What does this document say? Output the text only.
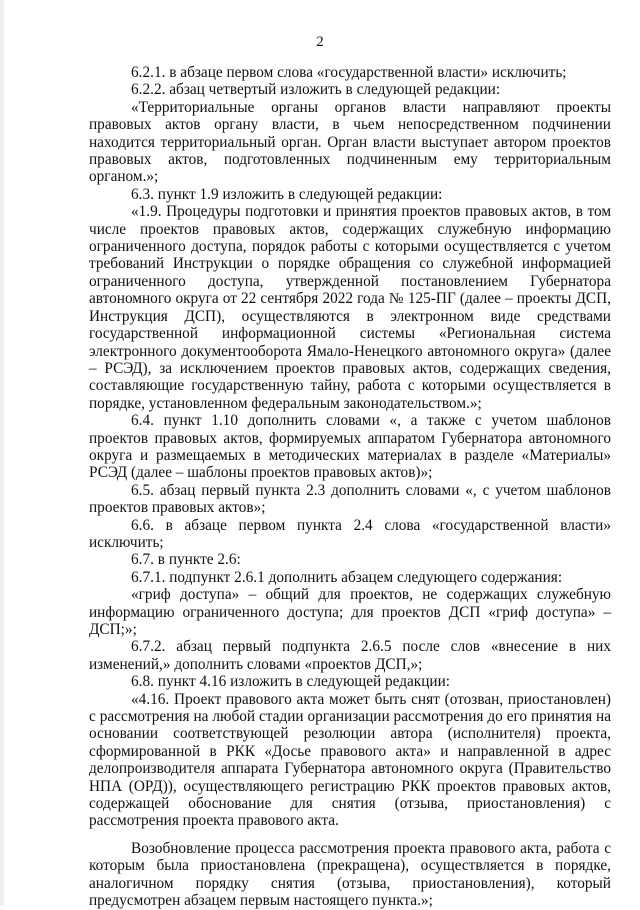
2

6.2.1. в абзаце первом слова «государственной власти» исключить;

6.2.2. абзац четвертый изложить в следующей редакции:

«Территориальные органы органов власти направляют проекты правовых актов органу власти, в чьем непосредственном подчинении находится территориальный орган. Орган власти выступает автором проектов правовых актов, подготовленных подчиненным ему территориальным органом.»;

6.3. пункт 1.9 изложить в следующей редакции:

«1.9. Процедуры подготовки и принятия проектов правовых актов, в том числе проектов правовых актов, содержащих служебную информацию ограниченного доступа, порядок работы с которыми осуществляется с учетом требований Инструкции о порядке обращения со служебной информацией ограниченного доступа, утвержденной постановлением Губернатора автономного округа от 22 сентября 2022 года № 125-ПГ (далее – проекты ДСП, Инструкция ДСП), осуществляются в электронном виде средствами государственной информационной системы «Региональная система электронного документооборота Ямало-Ненецкого автономного округа» (далее – РСЭД), за исключением проектов правовых актов, содержащих сведения, составляющие государственную тайну, работа с которыми осуществляется в порядке, установленном федеральным законодательством.»;

6.4. пункт 1.10 дополнить словами «, а также с учетом шаблонов проектов правовых актов, формируемых аппаратом Губернатора автономного округа и размещаемых в методических материалах в разделе «Материалы» РСЭД (далее – шаблоны проектов правовых актов)»;

6.5. абзац первый пункта 2.3 дополнить словами «, с учетом шаблонов проектов правовых актов»;

6.6. в абзаце первом пункта 2.4 слова «государственной власти» исключить;

6.7. в пункте 2.6:

6.7.1. подпункт 2.6.1 дополнить абзацем следующего содержания:

«гриф доступа» – общий для проектов, не содержащих служебную информацию ограниченного доступа; для проектов ДСП «гриф доступа» – ДСП;»;

6.7.2. абзац первый подпункта 2.6.5 после слов «внесение в них изменений,» дополнить словами «проектов ДСП,»;

6.8. пункт 4.16 изложить в следующей редакции:

«4.16. Проект правового акта может быть снят (отозван, приостановлен) с рассмотрения на любой стадии организации рассмотрения до его принятия на основании соответствующей резолюции автора (исполнителя) проекта, сформированной в РКК «Досье правового акта» и направленной в адрес делопроизводителя аппарата Губернатора автономного округа (Правительство НПА (ОРД)), осуществляющего регистрацию РКК проектов правовых актов, содержащей обоснование для снятия (отзыва, приостановления) с рассмотрения проекта правового акта.

Возобновление процесса рассмотрения проекта правового акта, работа с которым была приостановлена (прекращена), осуществляется в порядке, аналогичном порядку снятия (отзыва, приостановления), который предусмотрен абзацем первым настоящего пункта.»;
